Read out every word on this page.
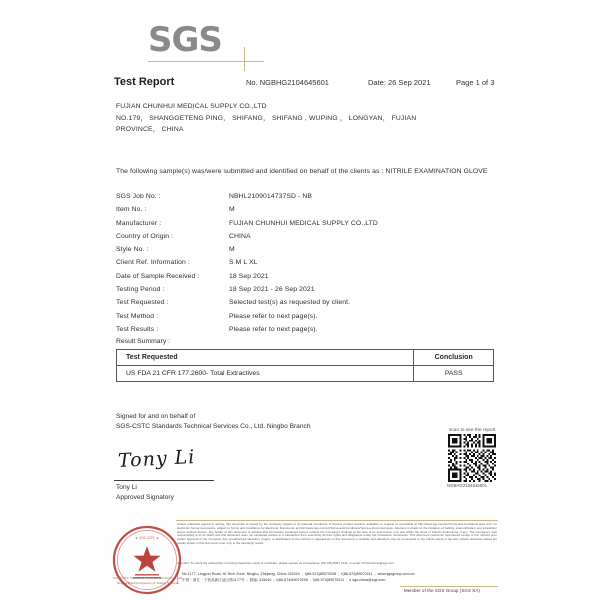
SGS
Test Report	No. NGBHG2104645601	Date: 26 Sep 2021	Page 1 of 3
FUJIAN CHUNHUI MEDICAL SUPPLY CO.,LTD
NO.179， SHANGGETENG PING， SHIFANG， SHIFANG , WUPING ， LONGYAN， FUJIAN
PROVINCE， CHINA
The following sample(s) was/were submitted and identified on behalf of the clients as : NITRILE EXAMINATION GLOVE
SGS Job No. :	NBHL2109014737SD - NB
Item No. :	M
Manufacturer :	FUJIAN CHUNHUI MEDICAL SUPPLY CO.,LTD
Country of Origin :	CHINA
Style No. :	M
Client Ref. Information :	S M L XL
Date of Sample Received :	18 Sep 2021
Testing Period :	18 Sep 2021 - 26 Sep 2021
Test Requested :	Selected test(s) as requested by client.
Test Method :	Please refer to next page(s).
Test Results :	Please refer to next page(s).
Result Summary :
Test Requested	Conclusion
US FDA 21 CFR 177.2600- Total Extractives	PASS
Signed for and on behalf of
SGS-CSTC Standards Technical Services Co., Ltd. Ningbo Branch
Tony Li
Tony Li
Approved Signatory
scan to see the report
NGBHG2104645601
Unless otherwise agreed in writing, this document is issued by the Company subject to its General Conditions of Service printed overleaf, available on request or accessible at http://www.sgs.com/en/Terms-and-Conditions.aspx and, for electronic format documents, subject to Terms and Conditions for Electronic Documents at http://www.sgs.com/en/Terms-and-Conditions/Terms-e-Document.aspx. Attention is drawn to the limitation of liability, indemnification and jurisdiction issues defined therein. Any holder of this document is advised that information contained hereon reflects the Company's findings at the time of its intervention only and within the limits of Client's instructions, if any. The Company's sole responsibility is to its Client and this document does not exonerate parties to a transaction from exercising all their rights and obligations under the transaction documents. This document cannot be reproduced except in full, without prior written approval of the Company. Any unauthorized alteration, forgery or falsification of the content or appearance of this document is unlawful and offenders may be prosecuted to the fullest extent of the law. Unless otherwise stated the results shown in this test report refer only to the sample(s) tested.
Attention: To check the authenticity of testing /inspection report & certificate, please contact us at telephone: (86-755) 8307 1443, or email: CN.Doccheck@sgs.com
No.1177, Lingyun Road, Hi-Tech Zone, Ningbo, Zhejiang, China 315040 | t(86-574)89070208 | f(86-574)89070211 | www.sgsgroup.com.cn
中国・浙江・宁波高新区凌云路1177号 | 邮编: 315040 | t(86-574)89070208 | f(86-574)89070211 | e sgs.china@sgs.com
Member of the SGS Group (SGS SA)
★ SGS-CSTC ★
SGS-CSTC Standards Technical Services Co., Ltd.
Ningbo Branch Inspection & Testing Services
